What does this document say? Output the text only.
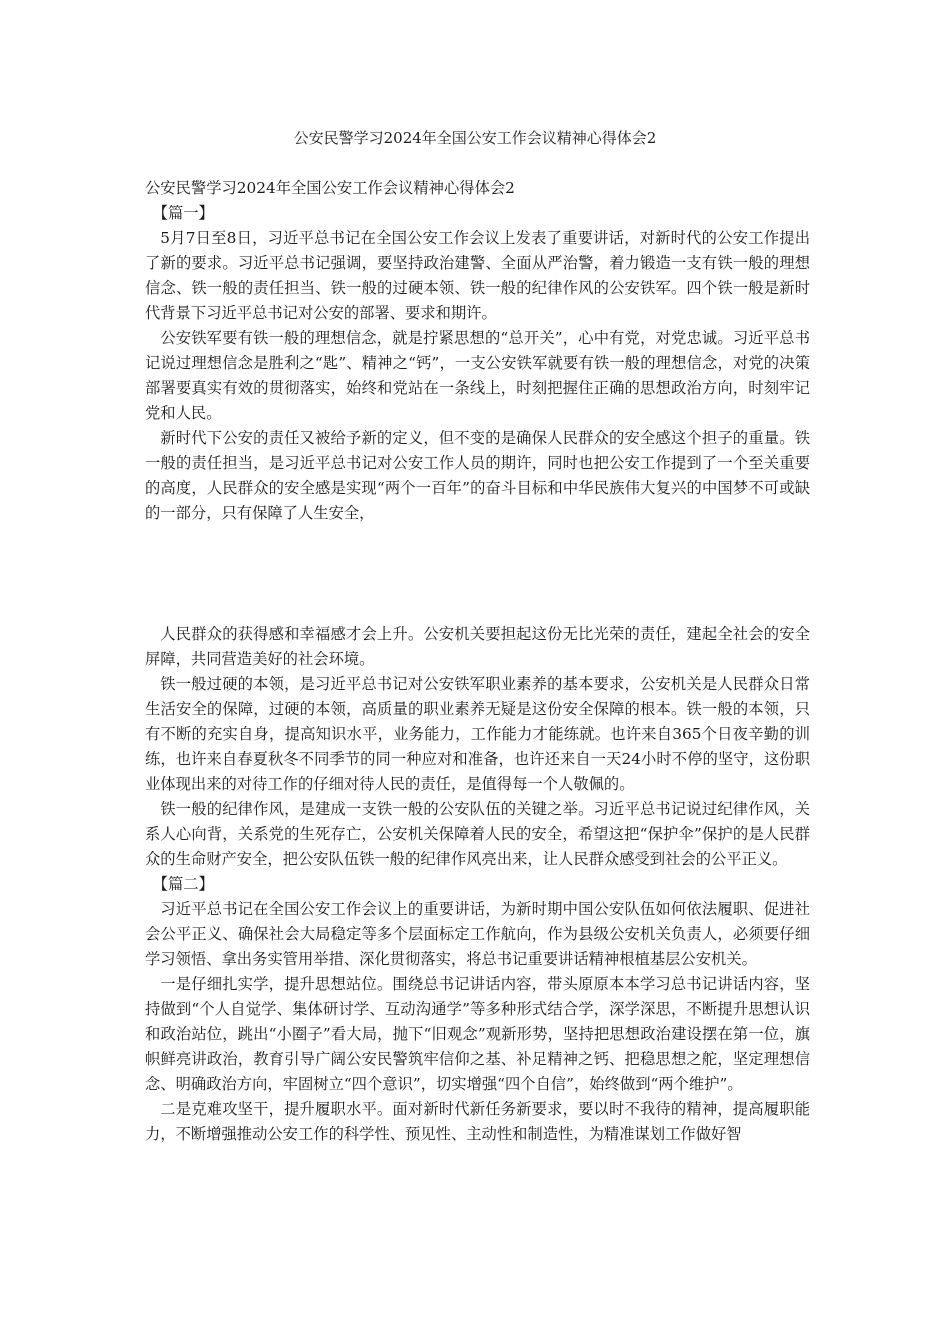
公安民警学习2024年全国公安工作会议精神心得体会2

公安民警学习2024年全国公安工作会议精神心得体会2

【篇一】

5月7日至8日，习近平总书记在全国公安工作会议上发表了重要讲话，对新时代的公安工作提出了新的要求。习近平总书记强调，要坚持政治建警、全面从严治警，着力锻造一支有铁一般的理想信念、铁一般的责任担当、铁一般的过硬本领、铁一般的纪律作风的公安铁军。四个铁一般是新时代背景下习近平总书记对公安的部署、要求和期许。

公安铁军要有铁一般的理想信念，就是拧紧思想的“总开关”，心中有党，对党忠诚。习近平总书记说过理想信念是胜利之“匙”、精神之“钙”，一支公安铁军就要有铁一般的理想信念，对党的决策部署要真实有效的贯彻落实，始终和党站在一条线上，时刻把握住正确的思想政治方向，时刻牢记党和人民。

新时代下公安的责任又被给予新的定义，但不变的是确保人民群众的安全感这个担子的重量。铁一般的责任担当，是习近平总书记对公安工作人员的期许，同时也把公安工作提到了一个至关重要的高度，人民群众的安全感是实现“两个一百年”的奋斗目标和中华民族伟大复兴的中国梦不可或缺的一部分，只有保障了人生安全，

人民群众的获得感和幸福感才会上升。公安机关要担起这份无比光荣的责任，建起全社会的安全屏障，共同营造美好的社会环境。

铁一般过硬的本领，是习近平总书记对公安铁军职业素养的基本要求，公安机关是人民群众日常生活安全的保障，过硬的本领，高质量的职业素养无疑是这份安全保障的根本。铁一般的本领，只有不断的充实自身，提高知识水平，业务能力，工作能力才能练就。也许来自365个日夜辛勤的训练，也许来自春夏秋冬不同季节的同一种应对和准备，也许还来自一天24小时不停的坚守，这份职业体现出来的对待工作的仔细对待人民的责任，是值得每一个人敬佩的。

铁一般的纪律作风，是建成一支铁一般的公安队伍的关键之举。习近平总书记说过纪律作风，关系人心向背，关系党的生死存亡，公安机关保障着人民的安全，希望这把“保护伞”保护的是人民群众的生命财产安全，把公安队伍铁一般的纪律作风亮出来，让人民群众感受到社会的公平正义。

【篇二】

习近平总书记在全国公安工作会议上的重要讲话，为新时期中国公安队伍如何依法履职、促进社会公平正义、确保社会大局稳定等多个层面标定工作航向，作为县级公安机关负责人，必须要仔细学习领悟、拿出务实管用举措、深化贯彻落实，将总书记重要讲话精神根植基层公安机关。

一是仔细扎实学，提升思想站位。围绕总书记讲话内容，带头原原本本学习总书记讲话内容，坚持做到“个人自觉学、集体研讨学、互动沟通学”等多种形式结合学，深学深思，不断提升思想认识和政治站位，跳出“小圈子”看大局，抛下“旧观念”观新形势，坚持把思想政治建设摆在第一位，旗帜鲜亮讲政治，教育引导广阔公安民警筑牢信仰之基、补足精神之钙、把稳思想之舵，坚定理想信念、明确政治方向，牢固树立“四个意识”，切实增强“四个自信”，始终做到“两个维护”。

二是克难攻坚干，提升履职水平。面对新时代新任务新要求，要以时不我待的精神，提高履职能力，不断增强推动公安工作的科学性、预见性、主动性和制造性，为精准谋划工作做好智
